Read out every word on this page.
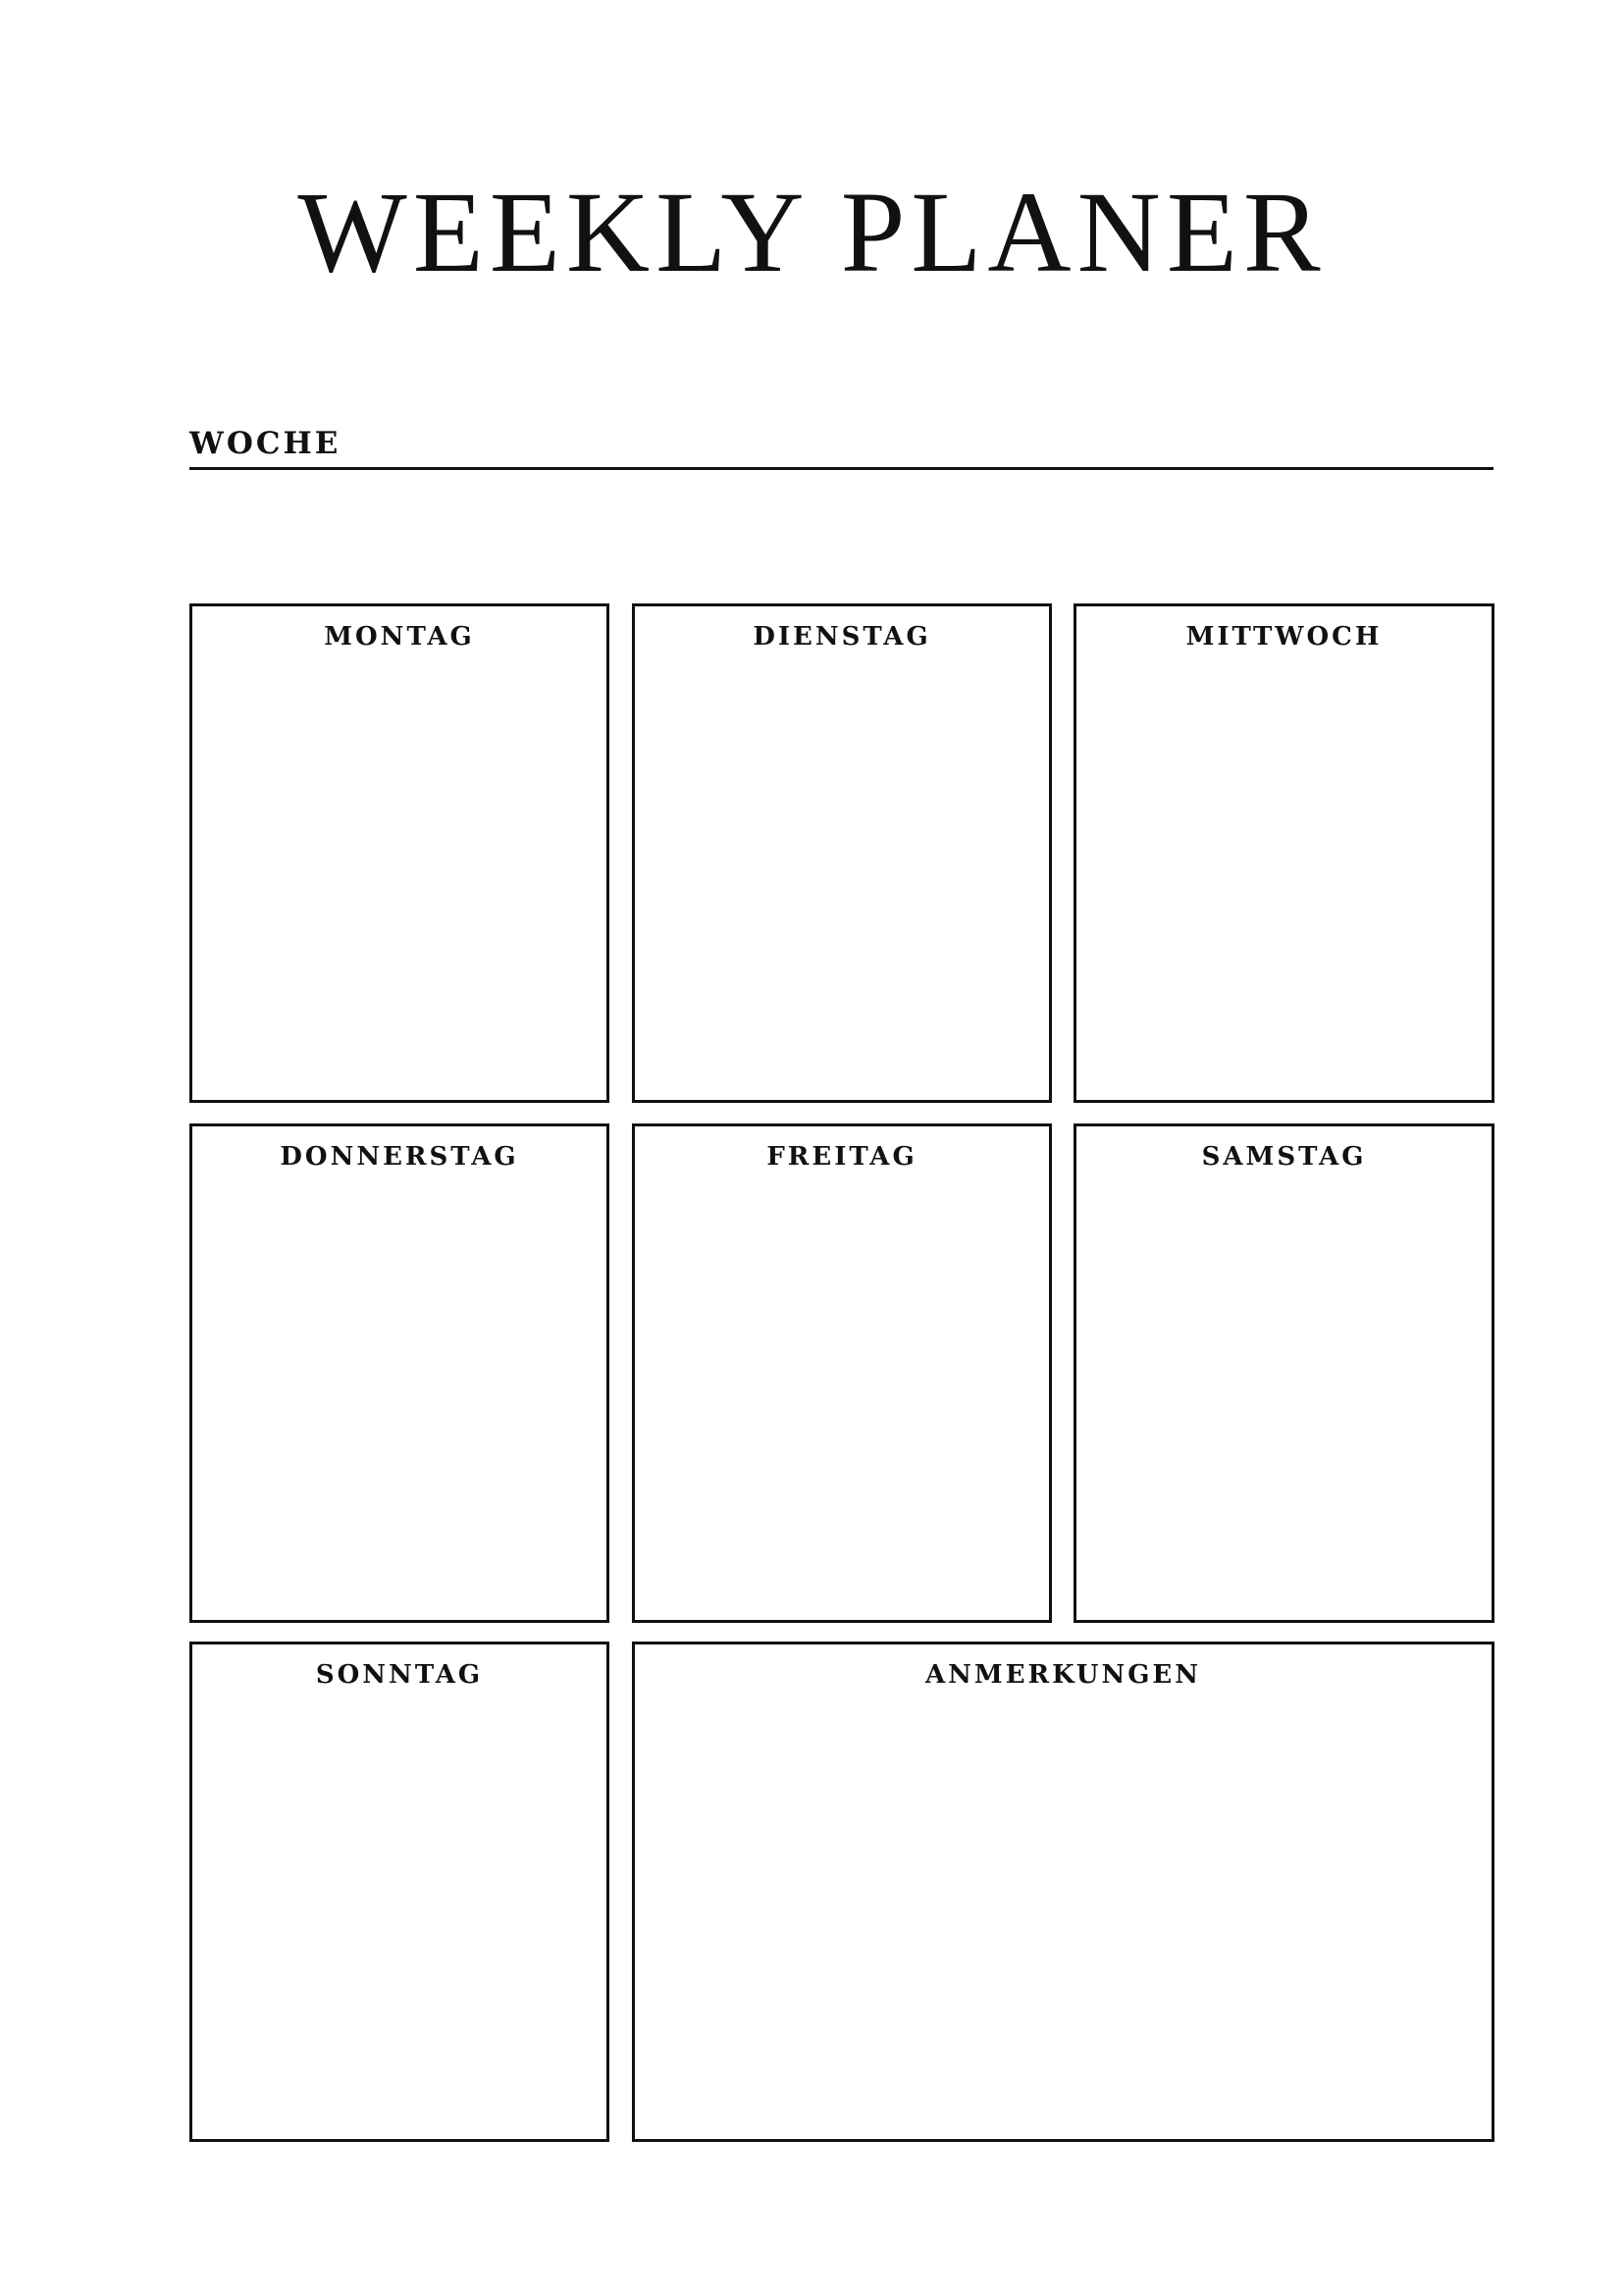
WEEKLY PLANER
WOCHE
MONTAG	DIENSTAG	MITTWOCH
DONNERSTAG	FREITAG	SAMSTAG
SONNTAG	ANMERKUNGEN
